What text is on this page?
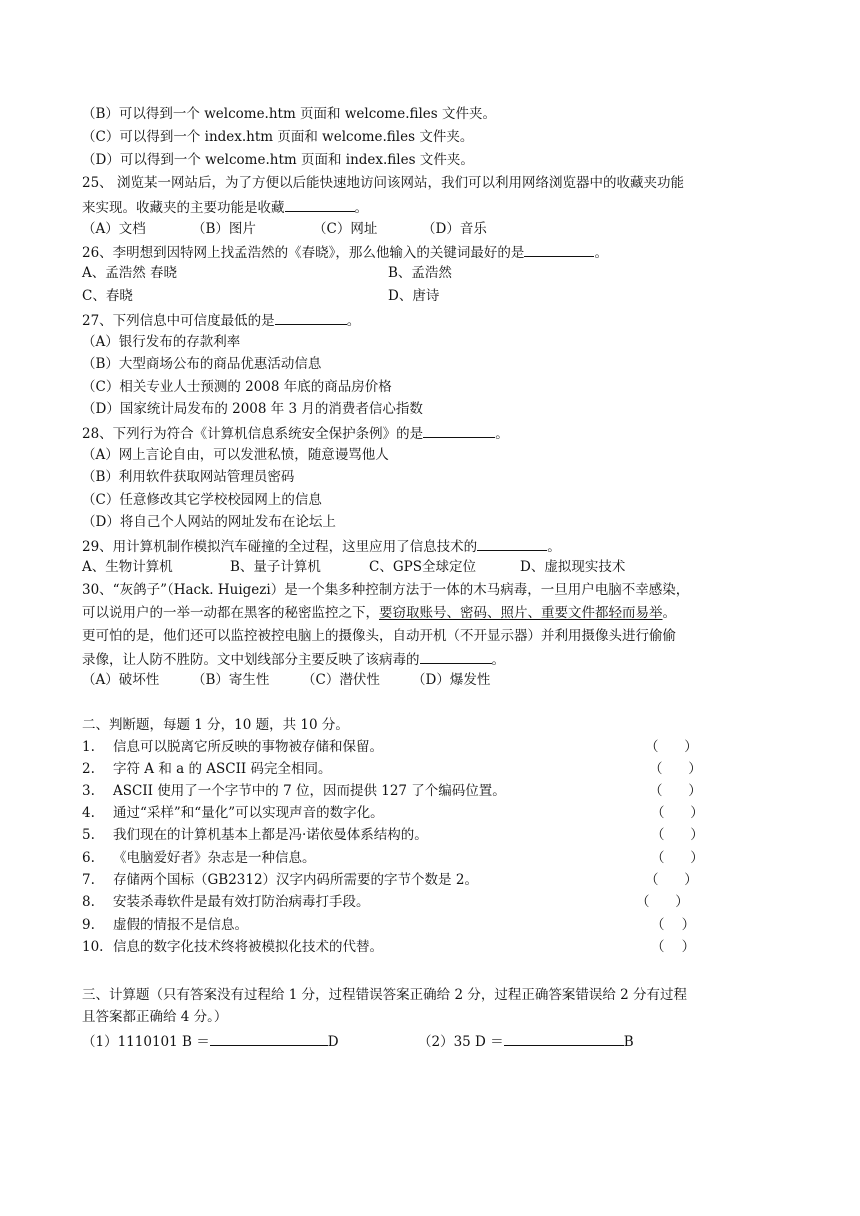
（B）可以得到一个 welcome.htm 页面和 welcome.files 文件夹。
（C）可以得到一个 index.htm 页面和 welcome.files 文件夹。
（D）可以得到一个 welcome.htm 页面和 index.files 文件夹。
25、 浏览某一网站后，为了方便以后能快速地访问该网站，我们可以利用网络浏览器中的收藏夹功能
来实现。收藏夹的主要功能是收藏	。
（A）文档	（B）图片	（C）网址	（D）音乐
26、李明想到因特网上找孟浩然的《春晓》，那么他输入的关键词最好的是	。
A、孟浩然 春晓	B、孟浩然
C、春晓	D、唐诗
27、下列信息中可信度最低的是	。
（A）银行发布的存款利率
（B）大型商场公布的商品优惠活动信息
（C）相关专业人士预测的 2008 年底的商品房价格
（D）国家统计局发布的 2008 年 3 月的消费者信心指数
28、下列行为符合《计算机信息系统安全保护条例》的是	。
（A）网上言论自由，可以发泄私愤，随意谩骂他人
（B）利用软件获取网站管理员密码
（C）任意修改其它学校校园网上的信息
（D）将自己个人网站的网址发布在论坛上
29、用计算机制作模拟汽车碰撞的全过程，这里应用了信息技术的	。
A、生物计算机	B、量子计算机	C、GPS全球定位	D、虚拟现实技术
30、“灰鸽子”（Hack. Huigezi）是一个集多种控制方法于一体的木马病毒，一旦用户电脑不幸感染，
可以说用户的一举一动都在黑客的秘密监控之下，要窃取账号、密码、照片、重要文件都轻而易举。
更可怕的是，他们还可以监控被控电脑上的摄像头，自动开机（不开显示器）并利用摄像头进行偷偷
录像，让人防不胜防。文中划线部分主要反映了该病毒的	。
（A）破坏性 （B）寄生性 （C）潜伏性 （D）爆发性
二、判断题，每题 1 分，10 题，共 10 分。
1. 信息可以脱离它所反映的事物被存储和保留。	（      ）
2. 字符 A 和 a 的 ASCII 码完全相同。	（      ）
3. ASCII 使用了一个字节中的 7 位，因而提供 127 了个编码位置。	（      ）
4. 通过“采样”和“量化”可以实现声音的数字化。	（      ）
5. 我们现在的计算机基本上都是冯·诺依曼体系结构的。	（      ）
6. 《电脑爱好者》杂志是一种信息。	（      ）
7. 存储两个国标（GB2312）汉字内码所需要的字节个数是 2。	（      ）
8. 安装杀毒软件是最有效打防治病毒打手段。	（      ）
9. 虚假的情报不是信息。	（    ）
10. 信息的数字化技术终将被模拟化技术的代替。	（    ）
三、计算题（只有答案没有过程给 1 分，过程错误答案正确给 2 分，过程正确答案错误给 2 分有过程
且答案都正确给 4 分。）
（1）1110101 B ＝	D	（2）35 D ＝	B
